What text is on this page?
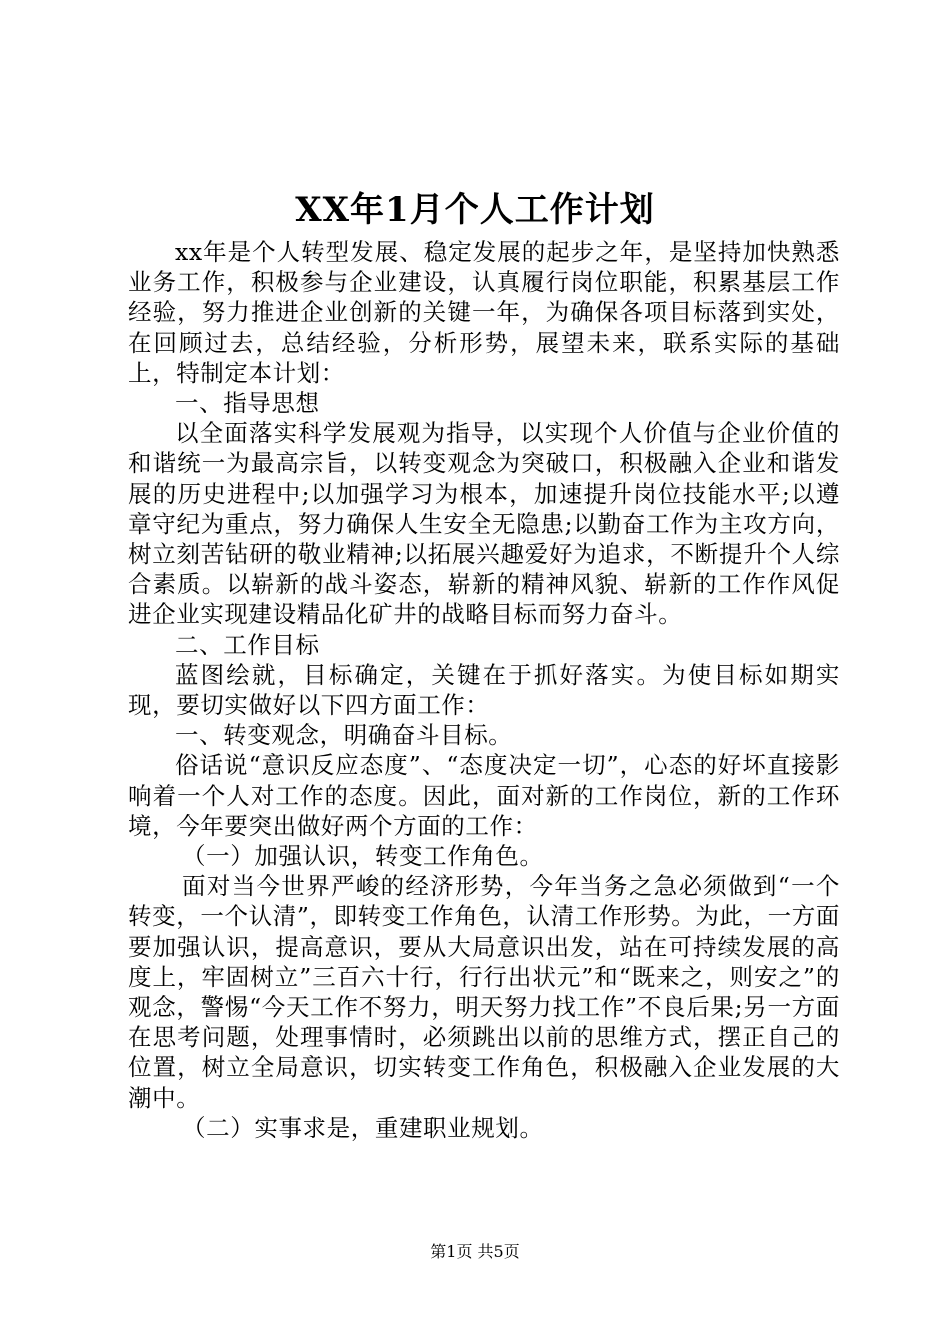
XX年1月个人工作计划

xx年是个人转型发展、稳定发展的起步之年，是坚持加快熟悉业务工作，积极参与企业建设，认真履行岗位职能，积累基层工作经验，努力推进企业创新的关键一年，为确保各项目标落到实处，在回顾过去，总结经验，分析形势，展望未来，联系实际的基础上，特制定本计划：

一、指导思想

以全面落实科学发展观为指导，以实现个人价值与企业价值的和谐统一为最高宗旨，以转变观念为突破口，积极融入企业和谐发展的历史进程中;以加强学习为根本，加速提升岗位技能水平;以遵章守纪为重点，努力确保人生安全无隐患;以勤奋工作为主攻方向，树立刻苦钻研的敬业精神;以拓展兴趣爱好为追求，不断提升个人综合素质。以崭新的战斗姿态，崭新的精神风貌、崭新的工作作风促进企业实现建设精品化矿井的战略目标而努力奋斗。

二、工作目标

蓝图绘就，目标确定，关键在于抓好落实。为使目标如期实现，要切实做好以下四方面工作：

一、转变观念，明确奋斗目标。

俗话说“意识反应态度”、“态度决定一切”，心态的好坏直接影响着一个人对工作的态度。因此，面对新的工作岗位，新的工作环境，今年要突出做好两个方面的工作：

（一）加强认识，转变工作角色。

面对当今世界严峻的经济形势，今年当务之急必须做到“一个转变，一个认清”，即转变工作角色，认清工作形势。为此，一方面要加强认识，提高意识，要从大局意识出发，站在可持续发展的高度上，牢固树立”三百六十行，行行出状元”和“既来之，则安之”的观念，警惕“今天工作不努力，明天努力找工作”不良后果;另一方面在思考问题，处理事情时，必须跳出以前的思维方式，摆正自己的位置，树立全局意识，切实转变工作角色，积极融入企业发展的大潮中。

（二）实事求是，重建职业规划。

第1页 共5页
